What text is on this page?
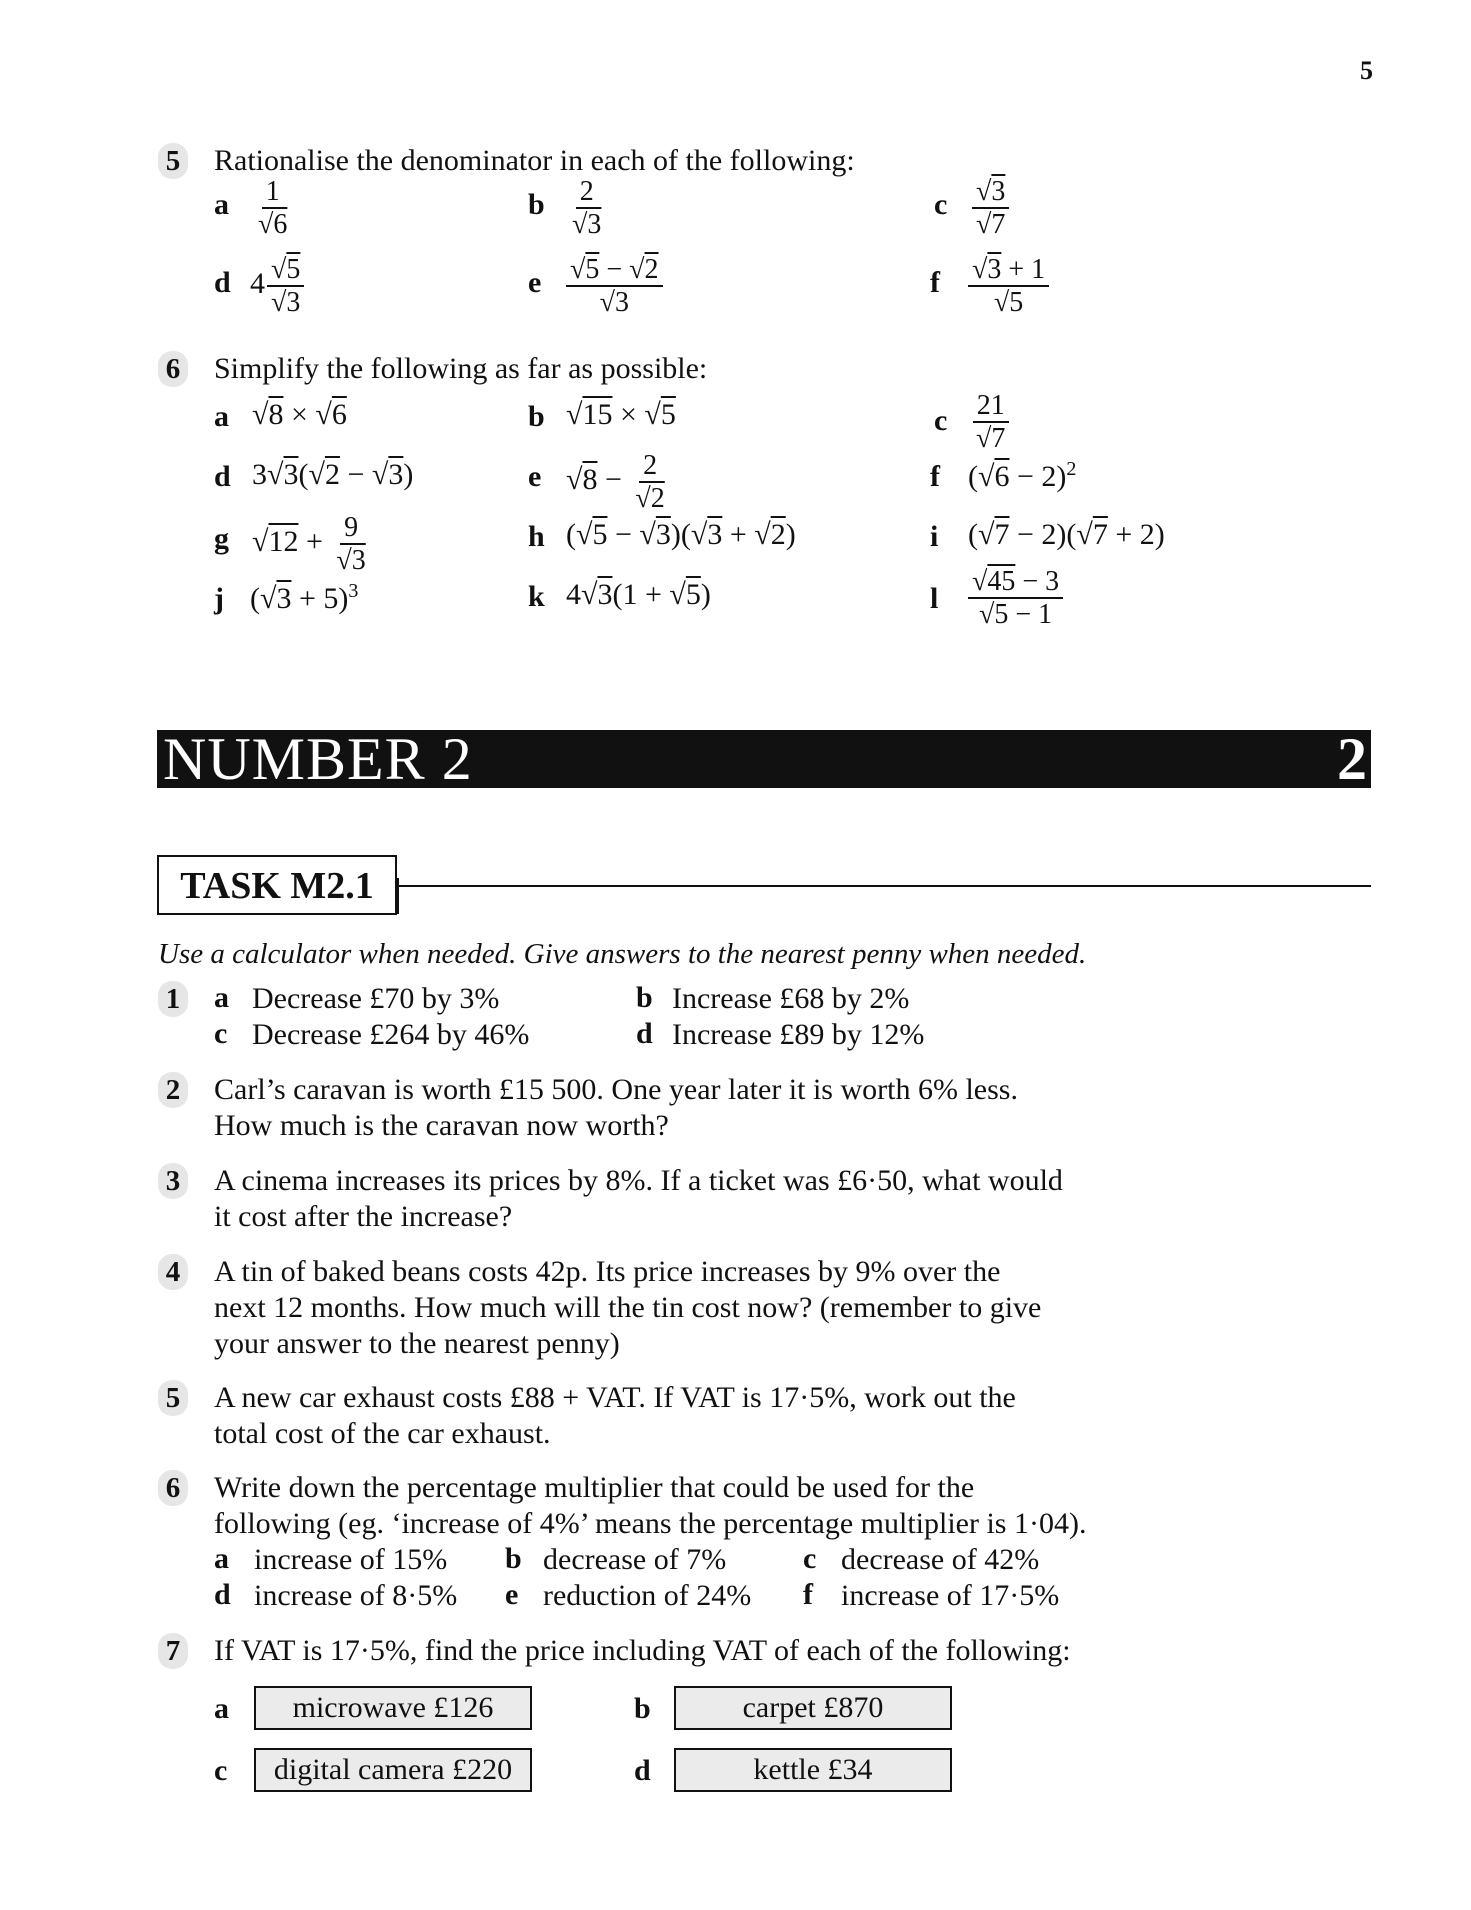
5
5 Rationalise the denominator in each of the following:
a $\frac{1}{√6}$	b $\frac{2}{√3}$	c $\frac{√3}{√7}$
d $4 \frac{√5}{√3}$	e $\frac{√5 - √2}{√3}$	f $\frac{√3 + 1}{√5}$
6 Simplify the following as far as possible:
a √8 × √6	b √15 × √5	c $\frac{21}{√7}$
d 3√3(√2 − √3)	e $√8 - \frac{2}{√2}$	f $(√6 - 2)^2$
g $√12 + \frac{9}{√3}$	h (√5 − √3)(√3 + √2)	i (√7 − 2)(√7 + 2)
j $(√3 + 5)^3$	k 4√3(1 + √5)	l $\frac{√45 - 3}{√5 - 1}$
NUMBER 2	2
TASK M2.1
Use a calculator when needed. Give answers to the nearest penny when needed.
1 a Decrease £70 by 3%	b Increase £68 by 2%
c Decrease £264 by 46%	d Increase £89 by 12%
2 Carl’s caravan is worth £15 500. One year later it is worth 6% less.
How much is the caravan now worth?
3 A cinema increases its prices by 8%. If a ticket was £6·50, what would
it cost after the increase?
4 A tin of baked beans costs 42p. Its price increases by 9% over the
next 12 months. How much will the tin cost now? (remember to give
your answer to the nearest penny)
5 A new car exhaust costs £88 + VAT. If VAT is 17·5%, work out the
total cost of the car exhaust.
6 Write down the percentage multiplier that could be used for the
following (eg. ‘increase of 4%’ means the percentage multiplier is 1·04).
a increase of 15% b decrease of 7%	c decrease of 42%
d increase of 8·5% e reduction of 24% f increase of 17·5%
7 If VAT is 17·5%, find the price including VAT of each of the following:
a	microwave £126	b	carpet £870
c	digital camera £220	d	kettle £34
